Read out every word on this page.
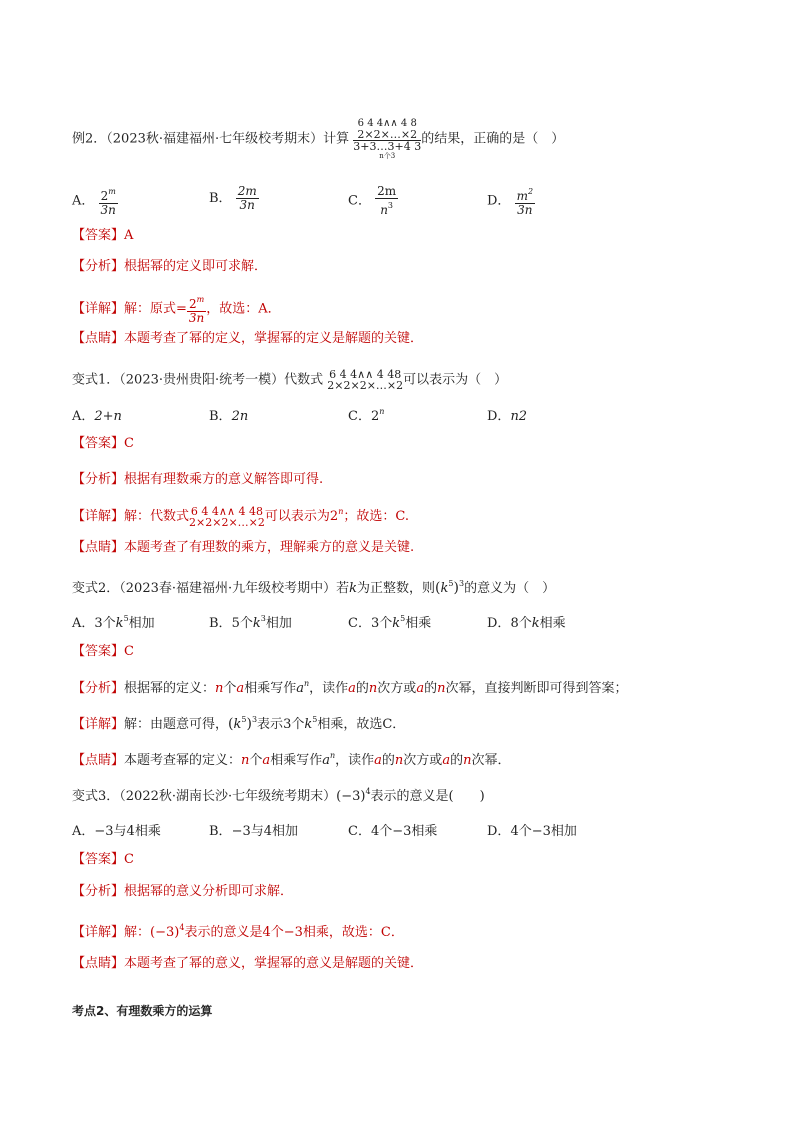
例2．（2023秋·福建福州·七年级校考期末）计算
6 4 4∧∧ 4 8
2×2×…×2
3+3…3+4 3
n个3
的结果，正确的是（　）
A． $\frac{2^m}{3n}$	B． $\frac{2m}{3n}$	C． $\frac{2m}{n^3}$	D． $\frac{m^2}{3n}$
【答案】A
【分析】根据幂的定义即可求解．
【详解】解：原式= $\frac{2^m}{3n}$ ，故选：A．
【点睛】本题考查了幂的定义，掌握幂的定义是解题的关键．
变式1．（2023·贵州贵阳·统考一模）代数式 6 4 4∧∧ 4 48
2×2×2×…×2 可以表示为（　）
A．2+n	B．2n	C．2$^n$	D．n2
【答案】C
【分析】根据有理数乘方的意义解答即可得.
【详解】解：代数式 6 4 4∧∧ 4 48
2×2×2×…×2 可以表示为2$^n$；故选：C.
【点睛】本题考查了有理数的乘方，理解乘方的意义是关键.
变式2．（2023春·福建福州·九年级校考期中）若k为正整数，则$(k^5)^3$的意义为（　）
A．3个$k^5$相加	B．5个$k^3$相加	C．3个$k^5$相乘	D．8个k相乘
【答案】C
【分析】根据幂的定义：n个a相乘写作$a^n$，读作a的n次方或a的n次幂，直接判断即可得到答案；
【详解】解：由题意可得，$(k^5)^3$表示3个$k^5$相乘，故选C．
【点睛】本题考查幂的定义：n个a相乘写作$a^n$，读作a的n次方或a的n次幂．
变式3．（2022秋·湖南长沙·七年级统考期末）$(-3)^4$表示的意义是(　　)
A．−3与4相乘	B．−3与4相加	C．4个−3相乘	D．4个−3相加
【答案】C
【分析】根据幂的意义分析即可求解．
【详解】解：$(-3)^4$表示的意义是4个−3相乘，故选：C．
【点睛】本题考查了幂的意义，掌握幂的意义是解题的关键．
考点2、有理数乘方的运算
